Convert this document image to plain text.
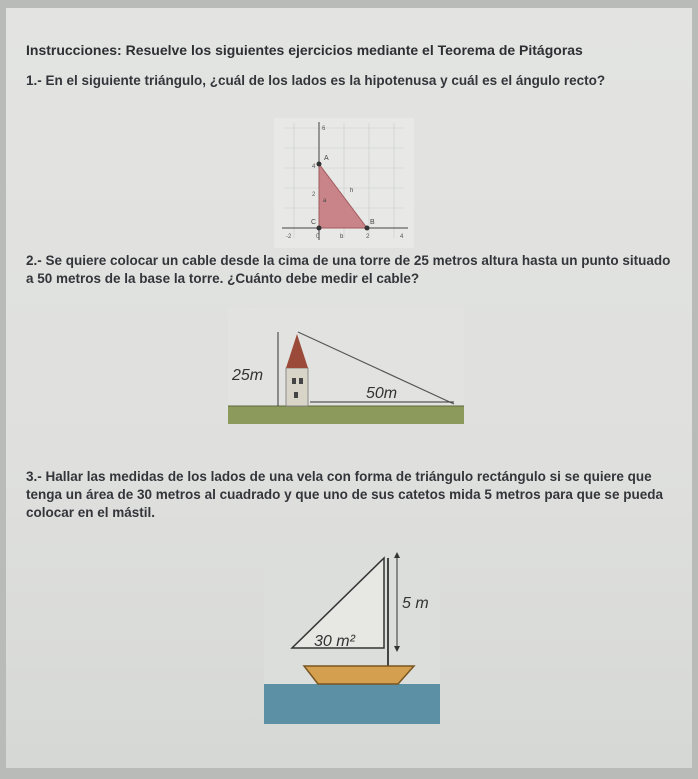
Instrucciones: Resuelve los siguientes ejercicios mediante el Teorema de Pitágoras
1.- En el siguiente triángulo, ¿cuál de los lados es la hipotenusa y cuál es el ángulo recto?
6
4
2
-2	0	2	4
A
B
C
a
b
h
2.- Se quiere colocar un cable desde la cima de una torre de 25 metros altura hasta un punto situado a 50 metros de la base la torre. ¿Cuánto debe medir el cable?
25m
50m
3.- Hallar las medidas de los lados de una vela con forma de triángulo rectángulo si se quiere que tenga un área de 30 metros al cuadrado y que uno de sus catetos mida 5 metros para que se pueda colocar en el mástil.
5 m
30 m²
